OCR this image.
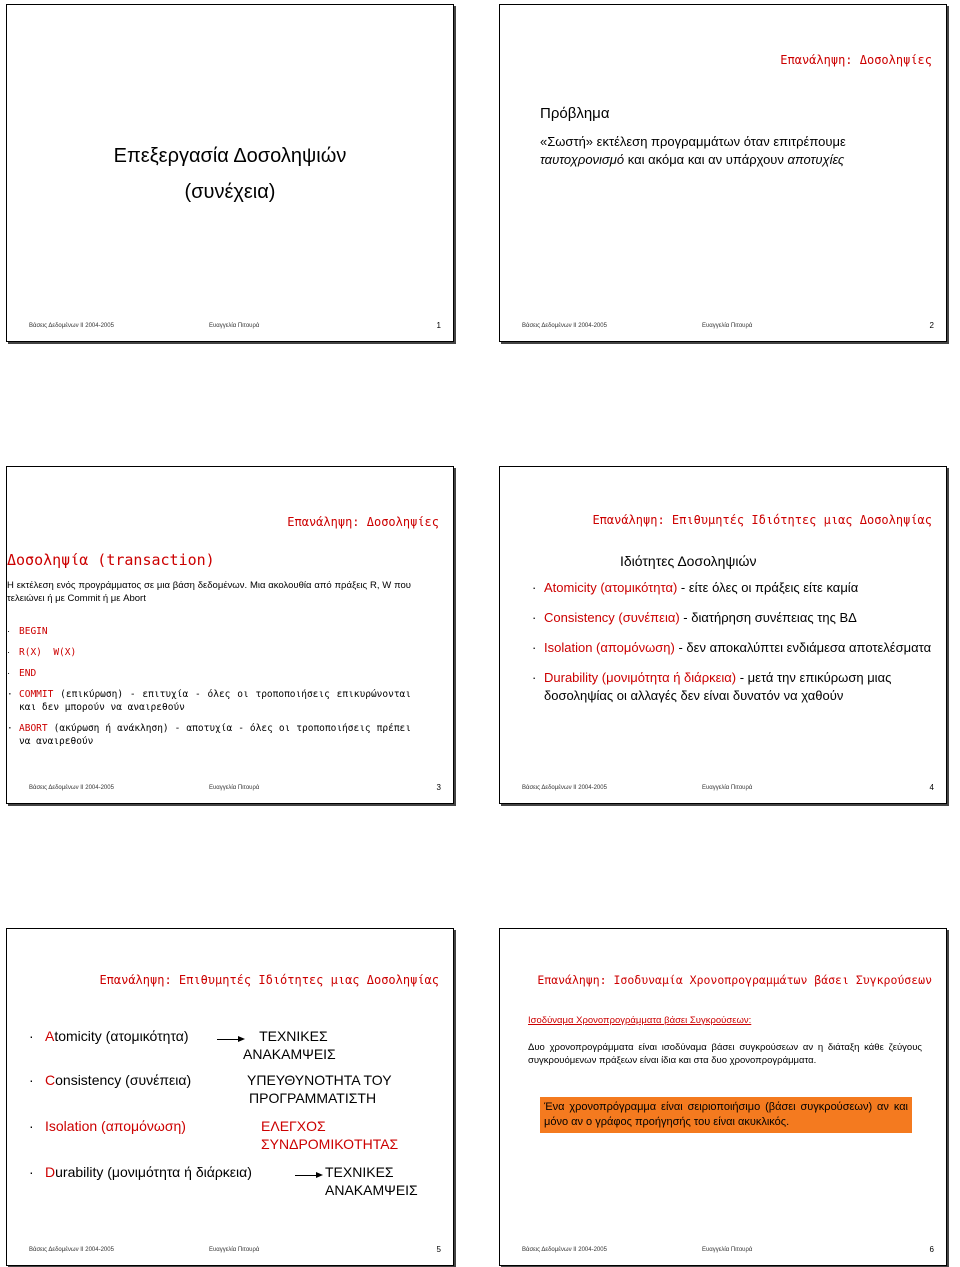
Επεξεργασία Δοσοληψιών
(συνέχεια)
Βάσεις Δεδομένων ΙΙ 2004-2005	Ευαγγελία Πιτουρά	1
Επανάληψη: Δοσοληψίες
Πρόβλημα
«Σωστή» εκτέλεση προγραμμάτων όταν επιτρέπουμε
ταυτοχρονισμό και ακόμα και αν υπάρχουν αποτυχίες
Βάσεις Δεδομένων ΙΙ 2004-2005	Ευαγγελία Πιτουρά	2
Επανάληψη: Δοσοληψίες
Δοσοληψία (transaction)
Η εκτέλεση ενός προγράμματος σε μια βάση δεδομένων. Μια ακολουθία από πράξεις R, W που τελειώνει ή με Commit ή με Abort
· BEGIN
· R(X)  W(X)
· END
· COMMIT (επικύρωση) - επιτυχία - όλες οι τροποποιήσεις επικυρώνονται και δεν μπορούν να αναιρεθούν
· ABORT (ακύρωση ή ανάκληση) - αποτυχία - όλες οι τροποποιήσεις πρέπει να αναιρεθούν
Βάσεις Δεδομένων ΙΙ 2004-2005	Ευαγγελία Πιτουρά	3
Επανάληψη: Επιθυμητές Ιδιότητες μιας Δοσοληψίας
Ιδιότητες Δοσοληψιών
· Atomicity (ατομικότητα) - είτε όλες οι πράξεις είτε καμία
· Consistency (συνέπεια) - διατήρηση συνέπειας της ΒΔ
· Isolation (απομόνωση) - δεν αποκαλύπτει ενδιάμεσα αποτελέσματα
· Durability (μονιμότητα ή διάρκεια) - μετά την επικύρωση μιας δοσοληψίας οι αλλαγές δεν είναι δυνατόν να χαθούν
Βάσεις Δεδομένων ΙΙ 2004-2005	Ευαγγελία Πιτουρά	4
Επανάληψη: Επιθυμητές Ιδιότητες μιας Δοσοληψίας
· Atomicity (ατομικότητα)	ΤΕΧΝΙΚΕΣ
ΑΝΑΚΑΜΨΕΙΣ
· Consistency (συνέπεια)	ΥΠΕΥΘΥΝΟΤΗΤΑ ΤΟΥ
ΠΡΟΓΡΑΜΜΑΤΙΣΤΗ
· Isolation (απομόνωση)	ΕΛΕΓΧΟΣ
ΣΥΝΔΡΟΜΙΚΟΤΗΤΑΣ
· Durability (μονιμότητα ή διάρκεια)	ΤΕΧΝΙΚΕΣ
ΑΝΑΚΑΜΨΕΙΣ
Βάσεις Δεδομένων ΙΙ 2004-2005	Ευαγγελία Πιτουρά	5
Επανάληψη: Ισοδυναμία Χρονοπρογραμμάτων βάσει Συγκρούσεων
Ισοδύναμα Χρονοπρογράμματα βάσει Συγκρούσεων:
Δυο χρονοπρογράμματα είναι ισοδύναμα βάσει συγκρούσεων αν η διάταξη κάθε ζεύγους συγκρουόμενων πράξεων είναι ίδια και στα δυο χρονοπρογράμματα.
Ένα χρονοπρόγραμμα είναι σειριοποιήσιμο (βάσει συγκρούσεων) αν και μόνο αν ο γράφος προήγησής του είναι ακυκλικός.
Βάσεις Δεδομένων ΙΙ 2004-2005	Ευαγγελία Πιτουρά	6
